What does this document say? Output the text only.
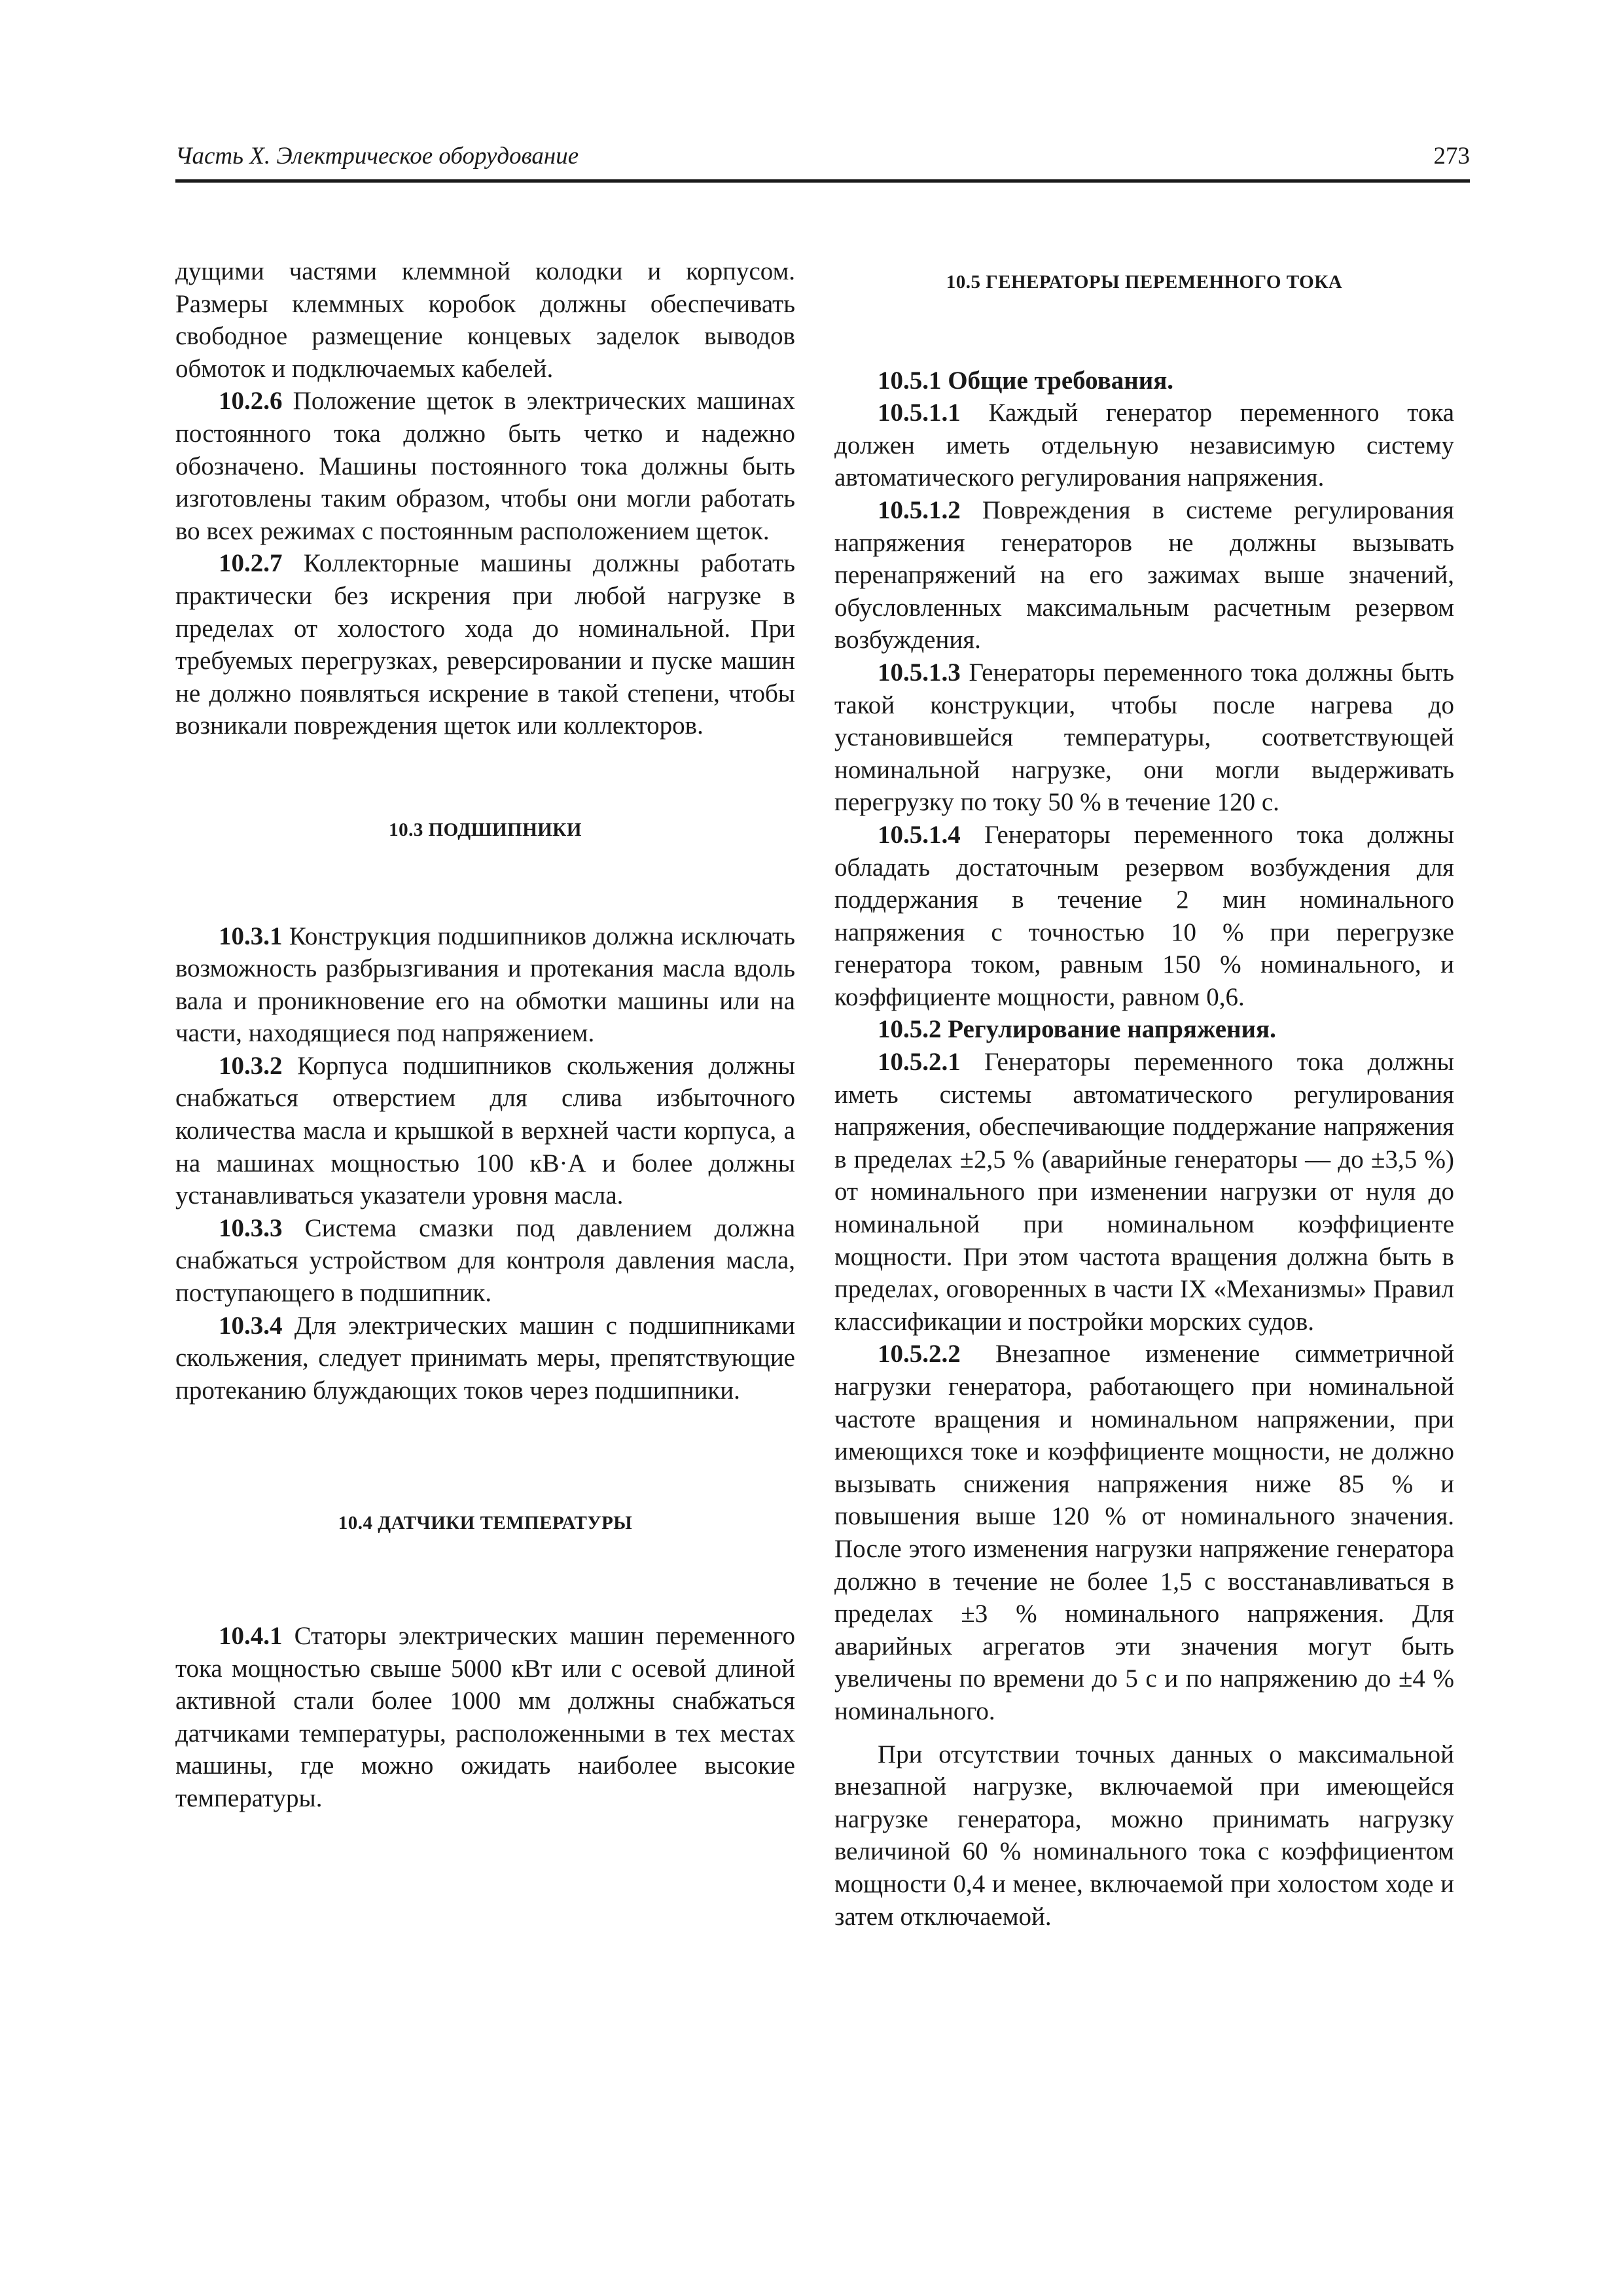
Часть X. Электрическое оборудование	273

дущими частями клеммной колодки и корпусом. Размеры клеммных коробок должны обеспечивать свободное размещение концевых заделок выводов обмоток и подключаемых кабелей.

10.2.6 Положение щеток в электрических машинах постоянного тока должно быть четко и надежно обозначено. Машины постоянного тока должны быть изготовлены таким образом, чтобы они могли работать во всех режимах с постоянным расположением щеток.

10.2.7 Коллекторные машины должны работать практически без искрения при любой нагрузке в пределах от холостого хода до номинальной. При требуемых перегрузках, реверсировании и пуске машин не должно появляться искрение в такой степени, чтобы возникали повреждения щеток или коллекторов.

10.3 ПОДШИПНИКИ

10.3.1 Конструкция подшипников должна исключать возможность разбрызгивания и протекания масла вдоль вала и проникновение его на обмотки машины или на части, находящиеся под напряжением.

10.3.2 Корпуса подшипников скольжения должны снабжаться отверстием для слива избыточного количества масла и крышкой в верхней части корпуса, а на машинах мощностью 100 кВ·А и более должны устанавливаться указатели уровня масла.

10.3.3 Система смазки под давлением должна снабжаться устройством для контроля давления масла, поступающего в подшипник.

10.3.4 Для электрических машин с подшипниками скольжения, следует принимать меры, препятствующие протеканию блуждающих токов через подшипники.

10.4 ДАТЧИКИ ТЕМПЕРАТУРЫ

10.4.1 Статоры электрических машин переменного тока мощностью свыше 5000 кВт или с осевой длиной активной стали более 1000 мм должны снабжаться датчиками температуры, расположенными в тех местах машины, где можно ожидать наиболее высокие температуры.

10.5 ГЕНЕРАТОРЫ ПЕРЕМЕННОГО ТОКА

10.5.1 Общие требования.

10.5.1.1 Каждый генератор переменного тока должен иметь отдельную независимую систему автоматического регулирования напряжения.

10.5.1.2 Повреждения в системе регулирования напряжения генераторов не должны вызывать перенапряжений на его зажимах выше значений, обусловленных максимальным расчетным резервом возбуждения.

10.5.1.3 Генераторы переменного тока должны быть такой конструкции, чтобы после нагрева до установившейся температуры, соответствующей номинальной нагрузке, они могли выдерживать перегрузку по току 50 % в течение 120 с.

10.5.1.4 Генераторы переменного тока должны обладать достаточным резервом возбуждения для поддержания в течение 2 мин номинального напряжения с точностью 10 % при перегрузке генератора током, равным 150 % номинального, и коэффициенте мощности, равном 0,6.

10.5.2 Регулирование напряжения.

10.5.2.1 Генераторы переменного тока должны иметь системы автоматического регулирования напряжения, обеспечивающие поддержание напряжения в пределах ±2,5 % (аварийные генераторы — до ±3,5 %) от номинального при изменении нагрузки от нуля до номинальной при номинальном коэффициенте мощности. При этом частота вращения должна быть в пределах, оговоренных в части IX «Механизмы» Правил классификации и постройки морских судов.

10.5.2.2 Внезапное изменение симметричной нагрузки генератора, работающего при номинальной частоте вращения и номинальном напряжении, при имеющихся токе и коэффициенте мощности, не должно вызывать снижения напряжения ниже 85 % и повышения выше 120 % от номинального значения. После этого изменения нагрузки напряжение генератора должно в течение не более 1,5 с восстанавливаться в пределах ±3 % номинального напряжения. Для аварийных агрегатов эти значения могут быть увеличены по времени до 5 с и по напряжению до ±4 % номинального.

При отсутствии точных данных о максимальной внезапной нагрузке, включаемой при имеющейся нагрузке генератора, можно принимать нагрузку величиной 60 % номинального тока с коэффициентом мощности 0,4 и менее, включаемой при холостом ходе и затем отключаемой.
